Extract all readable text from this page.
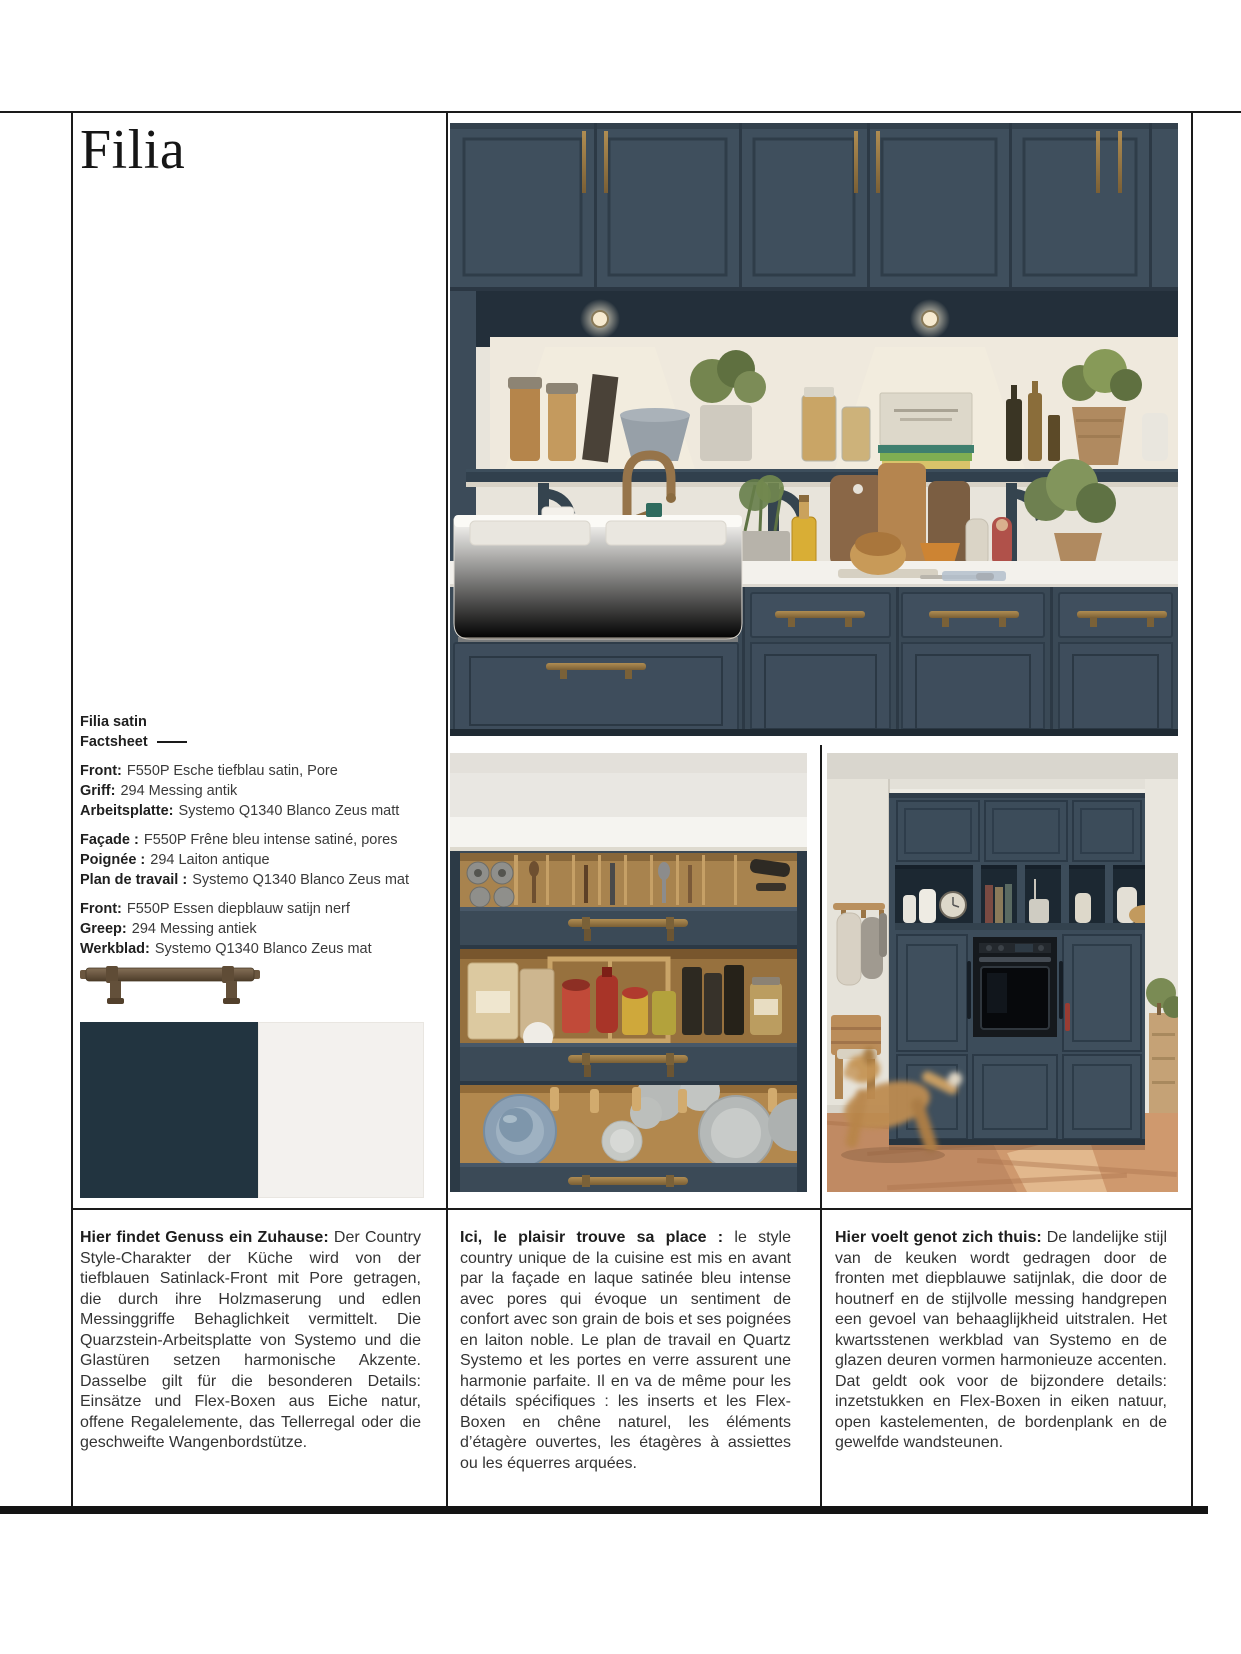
Filia
Filia satin
Factsheet
Front: F550P Esche tiefblau satin, Pore
Griff: 294 Messing antik
Arbeitsplatte: Systemo Q1340 Blanco Zeus matt
Façade : F550P Frêne bleu intense satiné, pores
Poignée : 294 Laiton antique
Plan de travail : Systemo Q1340 Blanco Zeus mat
Front: F550P Essen diepblauw satijn nerf
Greep: 294 Messing antiek
Werkblad: Systemo Q1340 Blanco Zeus mat

Hier findet Genuss ein Zuhause: Der Country Style-Charakter der Küche wird von der tiefblauen Satinlack-Front mit Pore getragen, die durch ihre Holzmaserung und edlen Messinggriffe Behaglichkeit vermittelt. Die Quarzstein-Arbeitsplatte von Systemo und die Glastüren setzen harmonische Akzente. Dasselbe gilt für die besonderen Details: Einsätze und Flex-Boxen aus Eiche natur, offene Regalelemente, das Tellerregal oder die geschweifte Wangenbordstütze.

Ici, le plaisir trouve sa place : le style country unique de la cuisine est mis en avant par la façade en laque satinée bleu intense avec pores qui évoque un sentiment de confort avec son grain de bois et ses poignées en laiton noble. Le plan de travail en Quartz Systemo et les portes en verre assurent une harmonie parfaite. Il en va de même pour les détails spécifiques : les inserts et les Flex-Boxen en chêne naturel, les éléments d’étagère ouvertes, les étagères à assiettes ou les équerres arquées.

Hier voelt genot zich thuis: De landelijke stijl van de keuken wordt gedragen door de fronten met diepblauwe satijnlak, die door de houtnerf en de stijlvolle messing handgrepen een gevoel van behaaglijkheid uitstralen. Het kwartsstenen werkblad van Systemo en de glazen deuren vormen harmonieuze accenten. Dat geldt ook voor de bijzondere details: inzetstukken en Flex-Boxen in eiken natuur, open kastelementen, de bordenplank en de gewelfde wandsteunen.
